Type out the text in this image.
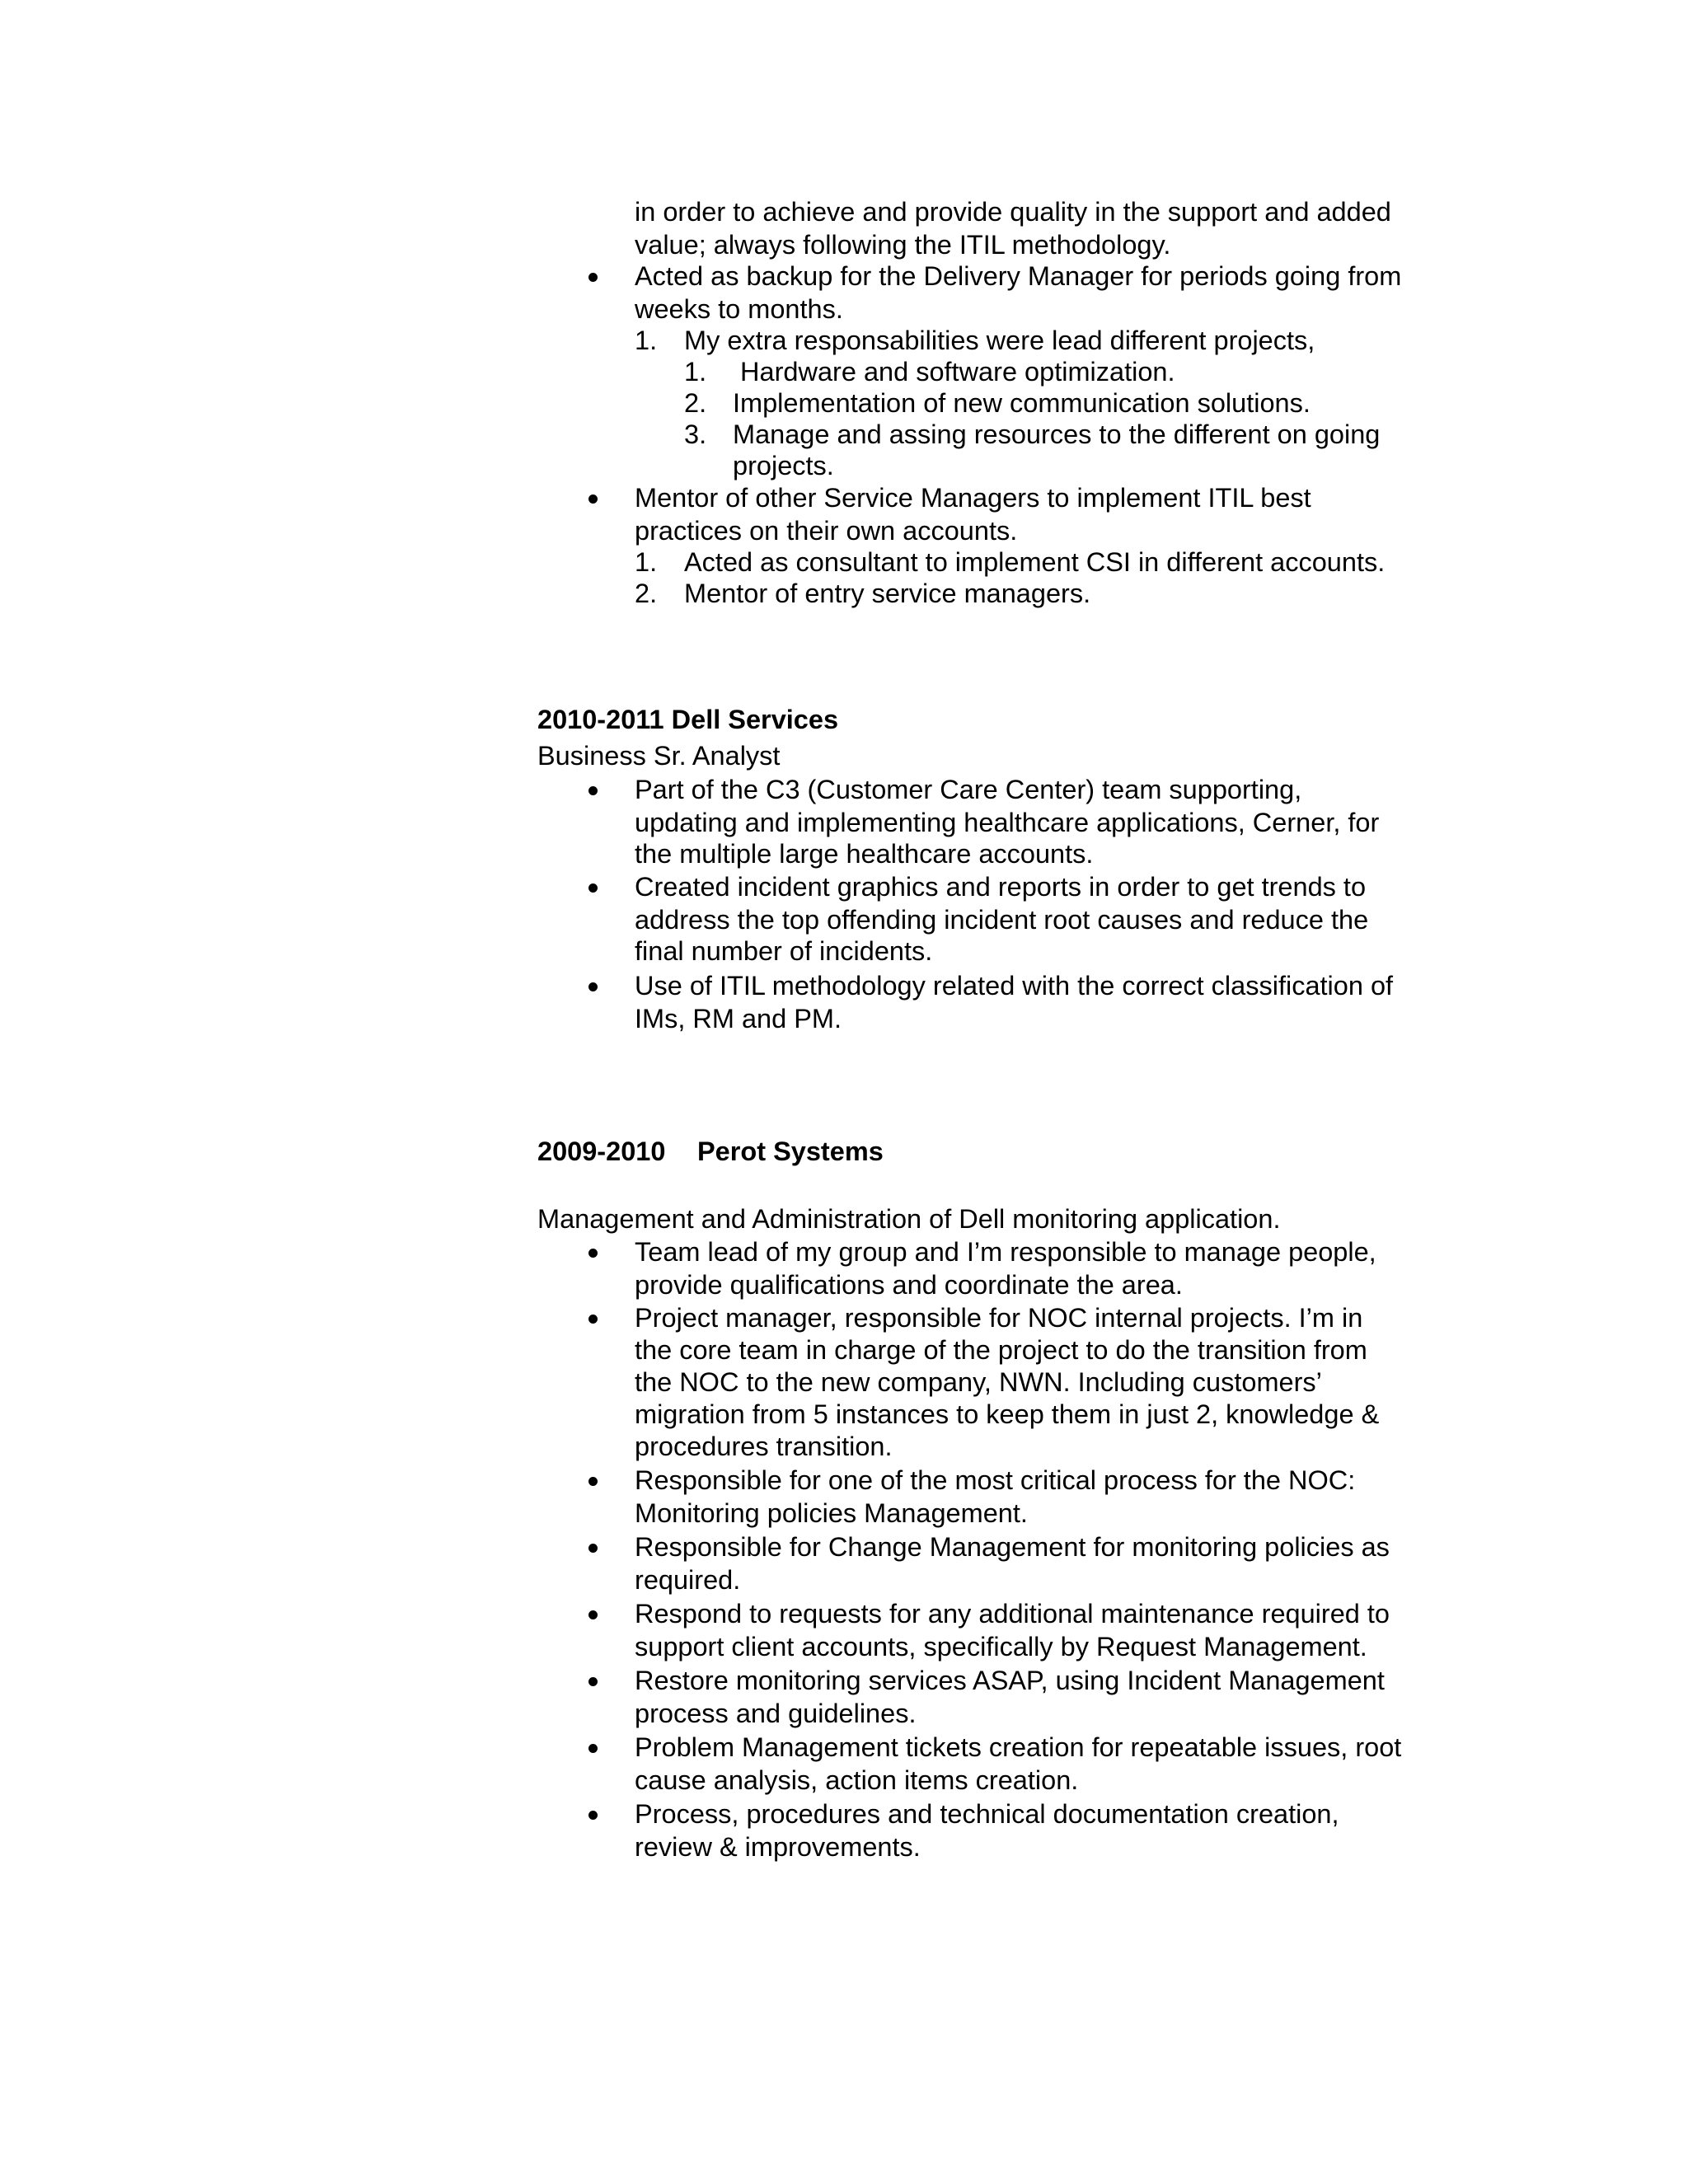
in order to achieve and provide quality in the support and added
value; always following the ITIL methodology.
Acted as backup for the Delivery Manager for periods going from
weeks to months.
1. My extra responsabilities were lead different projects,
1. Hardware and software optimization.
2. Implementation of new communication solutions.
3. Manage and assing resources to the different on going
projects.
Mentor of other Service Managers to implement ITIL best
practices on their own accounts.
1. Acted as consultant to implement CSI in different accounts.
2. Mentor of entry service managers.
2010-2011 Dell Services
Business Sr. Analyst
Part of the C3 (Customer Care Center) team supporting,
updating and implementing healthcare applications, Cerner, for
the multiple large healthcare accounts.
Created incident graphics and reports in order to get trends to
address the top offending incident root causes and reduce the
final number of incidents.
Use of ITIL methodology related with the correct classification of
IMs, RM and PM.
2009-2010 Perot Systems
Management and Administration of Dell monitoring application.
Team lead of my group and I’m responsible to manage people,
provide qualifications and coordinate the area.
Project manager, responsible for NOC internal projects. I’m in
the core team in charge of the project to do the transition from
the NOC to the new company, NWN. Including customers’
migration from 5 instances to keep them in just 2, knowledge &
procedures transition.
Responsible for one of the most critical process for the NOC:
Monitoring policies Management.
Responsible for Change Management for monitoring policies as
required.
Respond to requests for any additional maintenance required to
support client accounts, specifically by Request Management.
Restore monitoring services ASAP, using Incident Management
process and guidelines.
Problem Management tickets creation for repeatable issues, root
cause analysis, action items creation.
Process, procedures and technical documentation creation,
review & improvements.
